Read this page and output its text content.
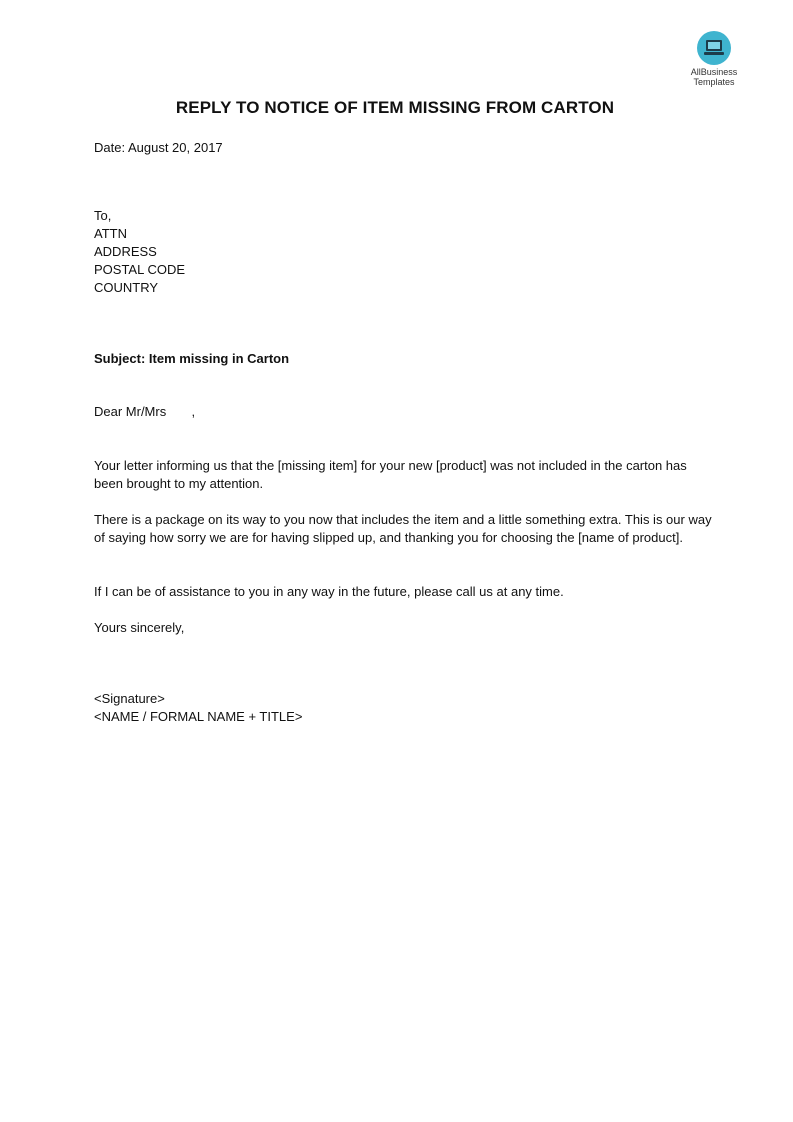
AllBusiness
Templates
REPLY TO NOTICE OF ITEM MISSING FROM CARTON
Date: August 20, 2017
To,
ATTN
ADDRESS
POSTAL CODE
COUNTRY
Subject: Item missing in Carton
Dear Mr/Mrs       ,
Your letter informing us that the [missing item] for your new [product] was not included in the carton has been brought to my attention.
There is a package on its way to you now that includes the item and a little something extra. This is our way of saying how sorry we are for having slipped up, and thanking you for choosing the [name of product].
If I can be of assistance to you in any way in the future, please call us at any time.
Yours sincerely,
<Signature>
<NAME / FORMAL NAME + TITLE>
